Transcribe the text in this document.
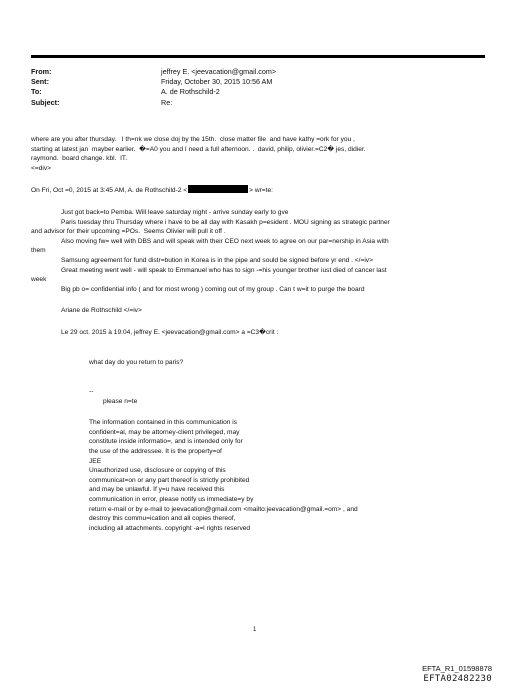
From:	jeffrey E. <jeevacation@gmail.com>
Sent:	Friday, October 30, 2015 10:56 AM
To:	A. de Rothschild-2
Subject:	Re:

where are you after thursday.   I th=nk we close doj by the 15th.  close matter file  and have kathy =ork for you ,

starting at latest jan  mayber earlier.  �=A0 you and I need a full afternoon. .  david, philip, olivier.=C2� jes, didier.

raymond.  board change. kbl.  IT.

<=div>

On Fri, Oct =0, 2015 at 3:45 AM, A. de Rothschild-2 <	> wr=te:

Just got back=to Pemba. Will leave saturday night - arrive sunday early to gve

Paris tuesday thru Thursday where i have to be all day with Kasakh p=esident . MOU signing as strategic partner

and advisor for their upcoming =POs.  Seems Olivier will pull it off .

Also moving fw= well with DBS and will speak with their CEO next week to agree on our par=nership in Asia with

them

Samsung agreement for fund distr=bution in Korea is in the pipe and sould be signed before yr end . </=iv>

Great meeting went well - will speak to Emmanuel who has to sign -=his younger brother iust died of cancer last

week

Big pb o= confidential info ( and for most wrong ) coming out of my group . Can t w=it to purge the board

Ariane de Rothschild </=iv>

Le 29 oct. 2015 à 19:04, jeffrey E. <jeevacation@gmail.com> a =C3�crit :

what day do you return to paris?

--

please n=te

The information contained in this communication is

confident=al, may be attorney-client privileged, may

constitute inside informatio=, and is intended only for

the use of the addressee. It is the property=of

JEE

Unauthorized use, disclosure or copying of this

communicat=on or any part thereof is strictly prohibited

and may be unlawful. If y=u have received this

communication in error, please notify us immediate=y by

return e-mail or by e-mail to jeevacation@gmail.com <mailto:jeevacation@gmail.=om> , and

destroy this commu=ication and all copies thereof,

including all attachments. copyright -a=l rights reserved

1
EFTA_R1_01598878
EFTA02482230
